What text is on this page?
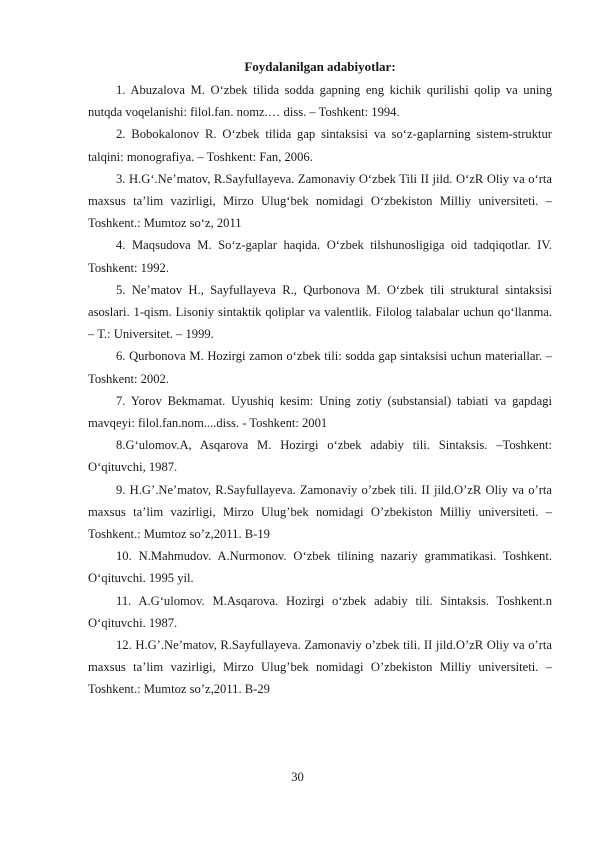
Foydalanilgan adabiyotlar:
1. Abuzalova M. O‘zbek tilida sodda gapning eng kichik qurilishi qolip va uning nutqda voqelanishi: filol.fan. nomz.… diss. – Toshkent: 1994.
2. Bobokalonov R. O‘zbek tilida gap sintaksisi va so‘z-gaplarning sistem-struktur talqini: monografiya. – Toshkent: Fan, 2006.
3. H.G‘.Ne’matov, R.Sayfullayeva. Zamonaviy O‘zbek Tili II jild. O‘zR Oliy va o‘rta maxsus ta’lim vazirligi, Mirzo Ulug‘bek nomidagi O‘zbekiston Milliy universiteti. – Toshkent.: Mumtoz so‘z, 2011
4. Maqsudova M. So‘z-gaplar haqida. O‘zbek tilshunosligiga oid tadqiqotlar. IV. Toshkent: 1992.
5. Ne’matov H., Sayfullayeva R., Qurbonova M. O‘zbek tili struktural sintaksisi asoslari. 1-qism. Lisoniy sintaktik qoliplar va valentlik. Filolog talabalar uchun qo‘llanma. – T.: Universitet. – 1999.
6. Qurbonova M. Hozirgi zamon o‘zbek tili: sodda gap sintaksisi uchun materiallar. – Toshkent: 2002.
7. Yorov Bekmamat. Uyushiq kesim: Uning zotiy (substansial) tabiati va gapdagi mavqeyi: filol.fan.nom....diss. - Toshkent: 2001
8.G‘ulomov.A, Asqarova M. Hozirgi o‘zbek adabiy tili. Sintaksis. –Toshkent: O‘qituvchi, 1987.
9. H.G’.Ne’matov, R.Sayfullayeva. Zamonaviy o’zbek tili. II jild.O’zR Oliy va o’rta maxsus ta’lim vazirligi, Mirzo Ulug’bek nomidagi O’zbekiston Milliy universiteti. – Toshkent.: Mumtoz so’z,2011. B-19
10. N.Mahmudov. A.Nurmonov. O‘zbek tilining nazariy grammatikasi. Toshkent. O‘qituvchi. 1995 yil.
11. A.G‘ulomov. M.Asqarova. Hozirgi o‘zbek adabiy tili. Sintaksis. Toshkent.n O‘qituvchi. 1987.
12. H.G’.Ne’matov, R.Sayfullayeva. Zamonaviy o’zbek tili. II jild.O’zR Oliy va o’rta maxsus ta’lim vazirligi, Mirzo Ulug’bek nomidagi O’zbekiston Milliy universiteti. – Toshkent.: Mumtoz so’z,2011. B-29
30
